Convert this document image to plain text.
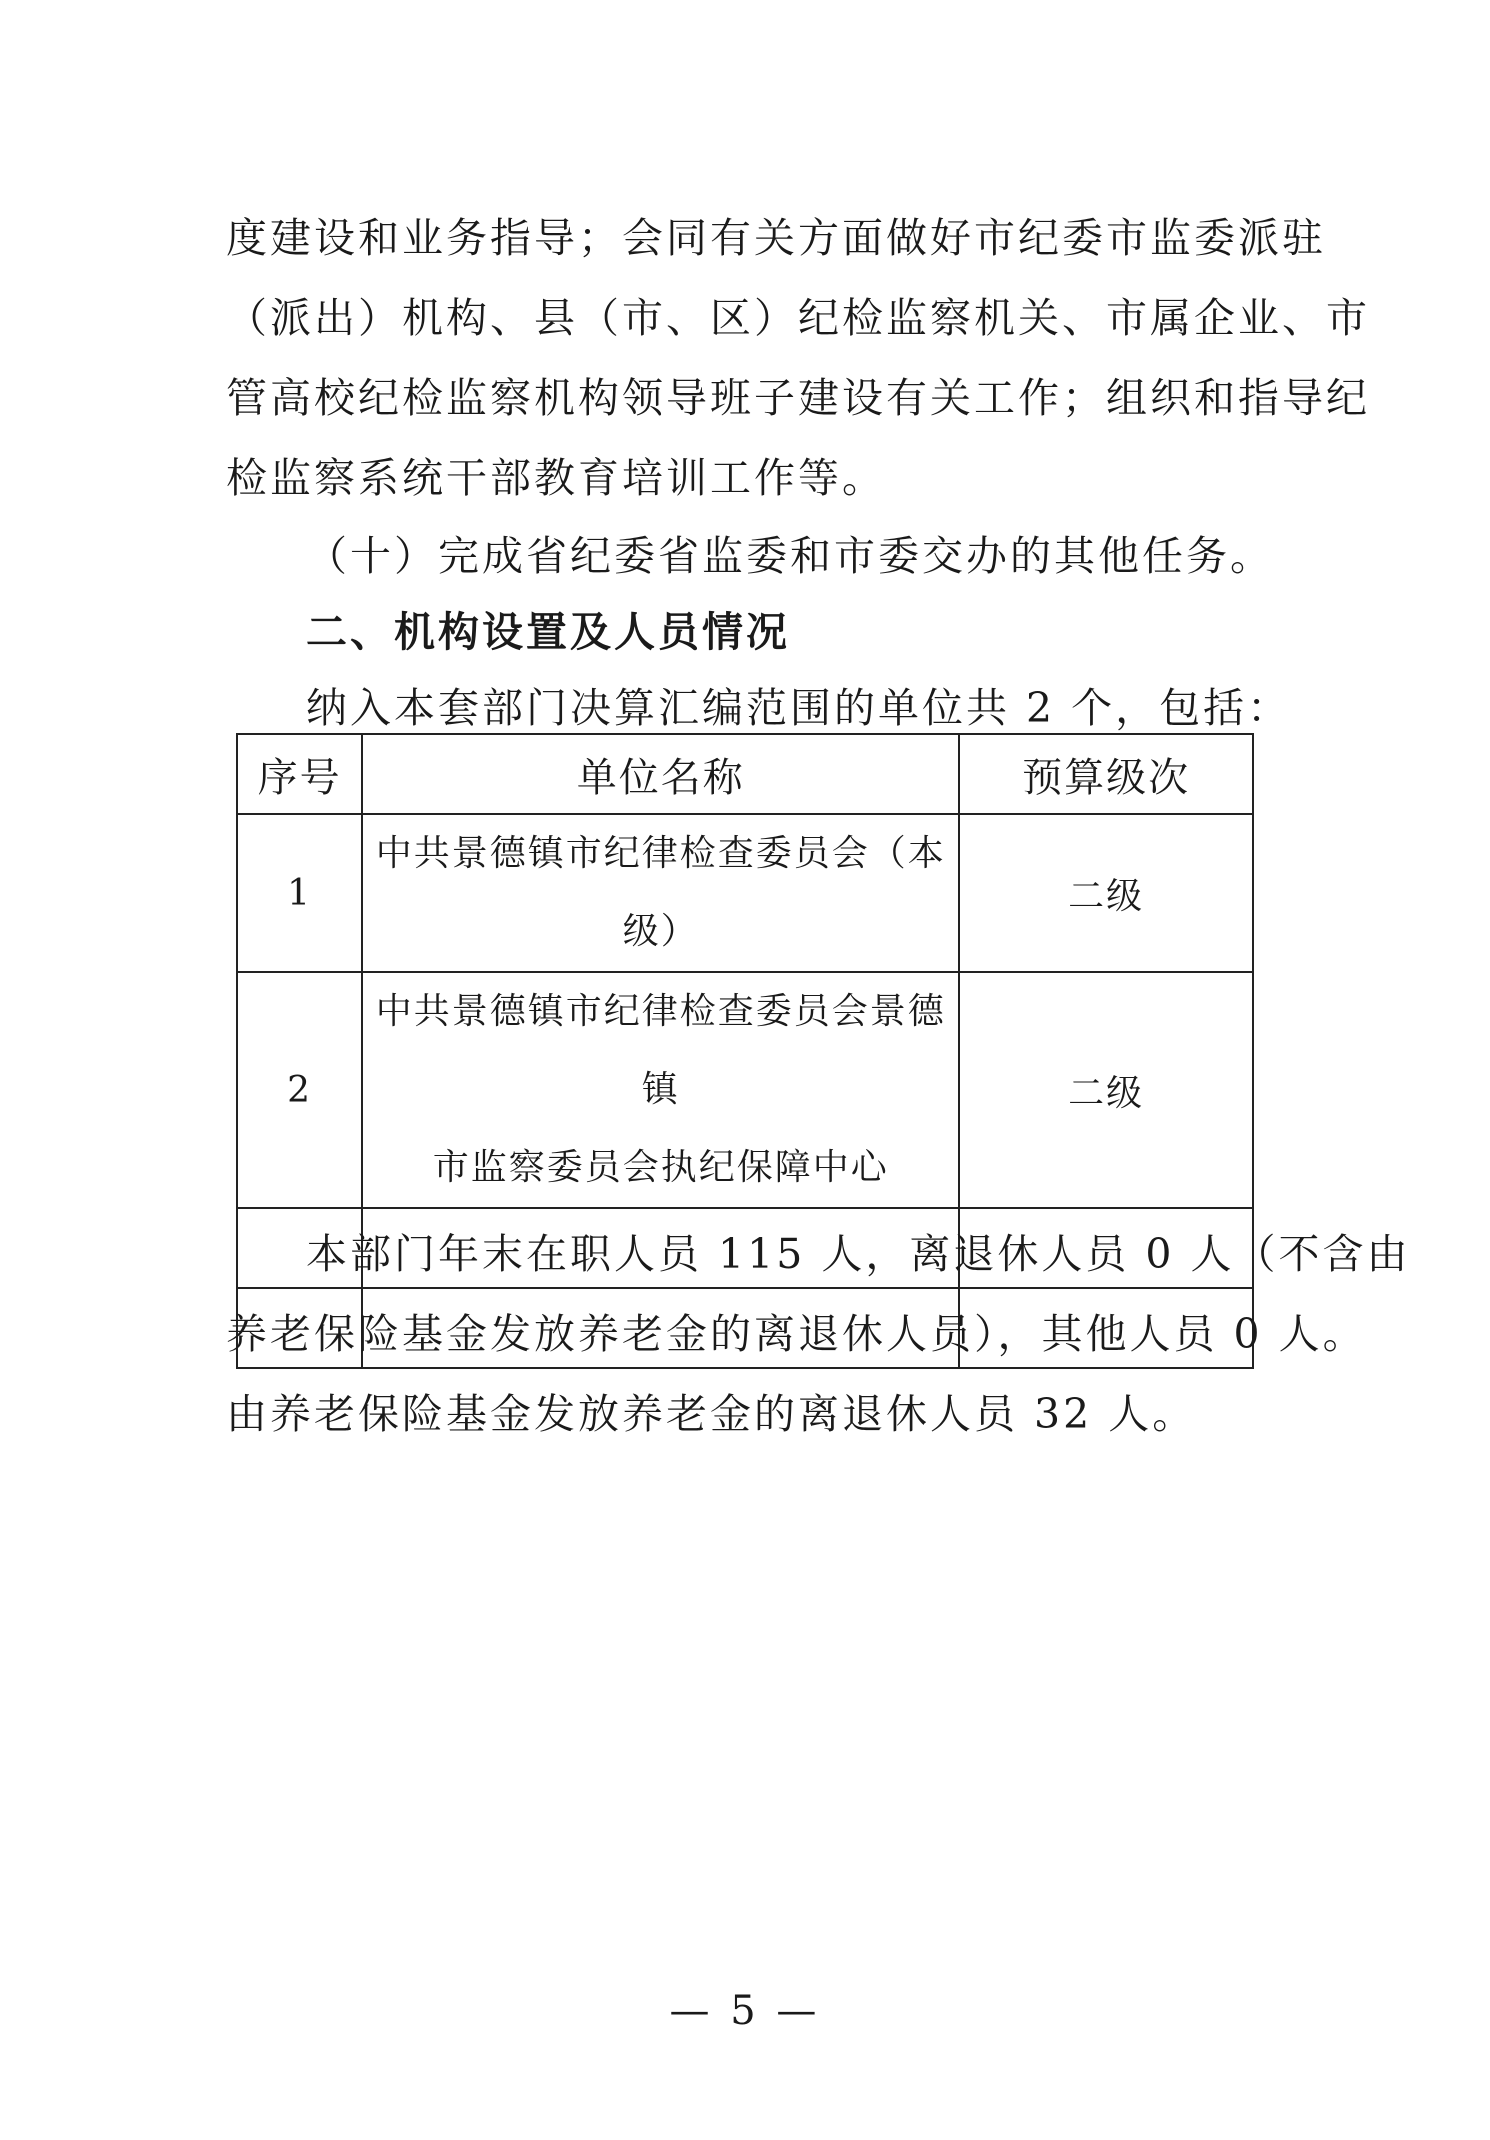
度建设和业务指导；会同有关方面做好市纪委市监委派驻
（派出）机构、县（市、区）纪检监察机关、市属企业、市
管高校纪检监察机构领导班子建设有关工作；组织和指导纪
检监察系统干部教育培训工作等。
（十）完成省纪委省监委和市委交办的其他任务。
二、机构设置及人员情况
纳入本套部门决算汇编范围的单位共 2 个，包括：
序号	单位名称	预算级次
1	中共景德镇市纪律检查委员会（本级）	二级
2	中共景德镇市纪律检查委员会景德镇
市监察委员会执纪保障中心	二级

本部门年末在职人员 115 人，离退休人员 0 人（不含由
养老保险基金发放养老金的离退休人员），其他人员 0 人。
由养老保险基金发放养老金的离退休人员 32 人。
— 5 —
